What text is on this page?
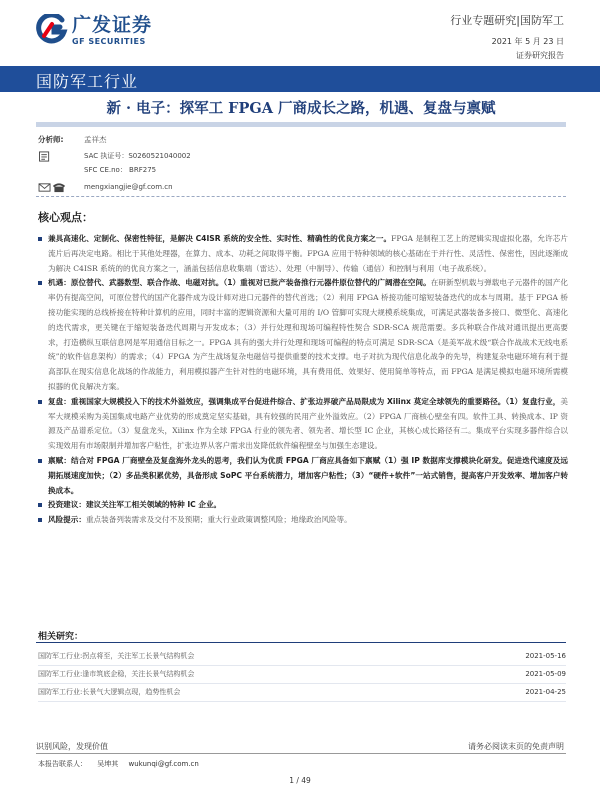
广发证券
GF SECURITIES
行业专题研究|国防军工
2021 年 5 月 23 日
证券研究报告
国防军工行业
新 · 电子：探军工 FPGA 厂商成长之路，机遇、复盘与禀赋
分析师:	孟祥杰
SAC 执证号：S0260521040002
SFC CE.no： BRF275
mengxiangjie@gf.com.cn
核心观点：
兼具高速化、定制化、保密性特征，是解决 C4ISR 系统的安全性、实时性、精确性的优良方案之一。FPGA 是制程工艺上的逻辑实现虚拟化器，允许芯片流片后再决定电路。相比于其他处理器，在算力、成本、功耗之间取得平衡。FPGA 应用于特种领域的核心基础在于并行性、灵活性、保密性，因此逐渐成为解决 C4ISR 系统的的优良方案之一，涵盖包括信息收集端（雷达）、处理（中制导）、传输（通信）和控制与利用（电子战系统）。
机遇：原位替代、武器数型、联合作战、电磁对抗。（1）重视对已批产装备推行元器件原位替代的广阔潜在空间。在研新型机载与弹载电子元器件的国产化率仍有提高空间，可原位替代的国产化器件成为设计师对进口元器件的替代首选；（2）利用 FPGA 桥接功能可缩短装备迭代的成本与周期。基于 FPGA 桥接功能实现的总线桥接在特种计算机的应用，同时丰富的逻辑资源和大量可用的 I/O 管脚可实现大规模系统集成，可满足武器装备多接口、微型化、高速化的迭代需求，更关键在于缩短装备迭代周期与开发成本；（3）并行处理和现场可编程特性契合 SDR-SCA 规范需要。多兵种联合作战对通讯提出更高要求，打造横纵互联信息网是军用通信目标之一。FPGA 具有的强大并行处理和现场可编程的特点可满足 SDR-SCA（是美军战术级“联合作战战术无线电系统”的软件信息架构）的需求；（4）FPGA 为产生战场复杂电磁信号提供重要的技术支撑。电子对抗为现代信息化战争的先导，构建复杂电磁环境有利于提高部队在现实信息化战场的作战能力，利用模拟器产生针对性的电磁环境，具有费用低、效果好、使用简单等特点，而 FPGA 是满足模拟电磁环境所需模拟器的优良解决方案。
复盘：重视国家大规模投入下的技术外溢效应，强调集成平台促进件综合、扩张边界破产品局限成为 Xilinx 莫定全球领先的重要路径。（1）复盘行业，美军大规模采购为美国集成电路产业优势的形成奠定坚实基础，具有较强的民用产业外溢效应。（2）FPGA 厂商核心壁垒有四。软件工具、转换成本、IP 资源及产品谱系定位。（3）复盘龙头，Xilinx 作为全球 FPGA 行业的领先者、领先者、增长型 IC 企业，其核心成长路径有二。集成平台实现多器件综合以实现效用有市场限制并增加客户粘性，扩张边界从客户需求出发降低软件编程壁垒与加强生态建设。
禀赋：结合对 FPGA 厂商壁垒及复盘海外龙头的思考，我们认为优质 FPGA 厂商应具备如下禀赋（1）强 IP 数据库支撑模块化研发。促进迭代速度及远期拓展速度加快；（2）多品类积累优势，具备形成 SoPC 平台系统潜力，增加客户粘性；（3）“硬件+软件”一站式销售，提高客户开发效率、增加客户转换成本。
投资建议：建议关注军工相关领域的特种 IC 企业。
风险提示：重点装备列装需求及交付不及预期；重大行业政策调整风险；地缘政治风险等。
相关研究：
国防军工行业:拐点将至，关注军工长景气结构机会	2021-05-16
国防军工行业:逢市筑底企稳，关注长景气结构机会	2021-05-09
国防军工行业:长景气大逻辑点现，趋势性机会	2021-04-25
识别风险，发现价值	请务必阅读末页的免责声明
本报告联系人： 吴坤其 wukunqi@gf.com.cn
1 / 49
